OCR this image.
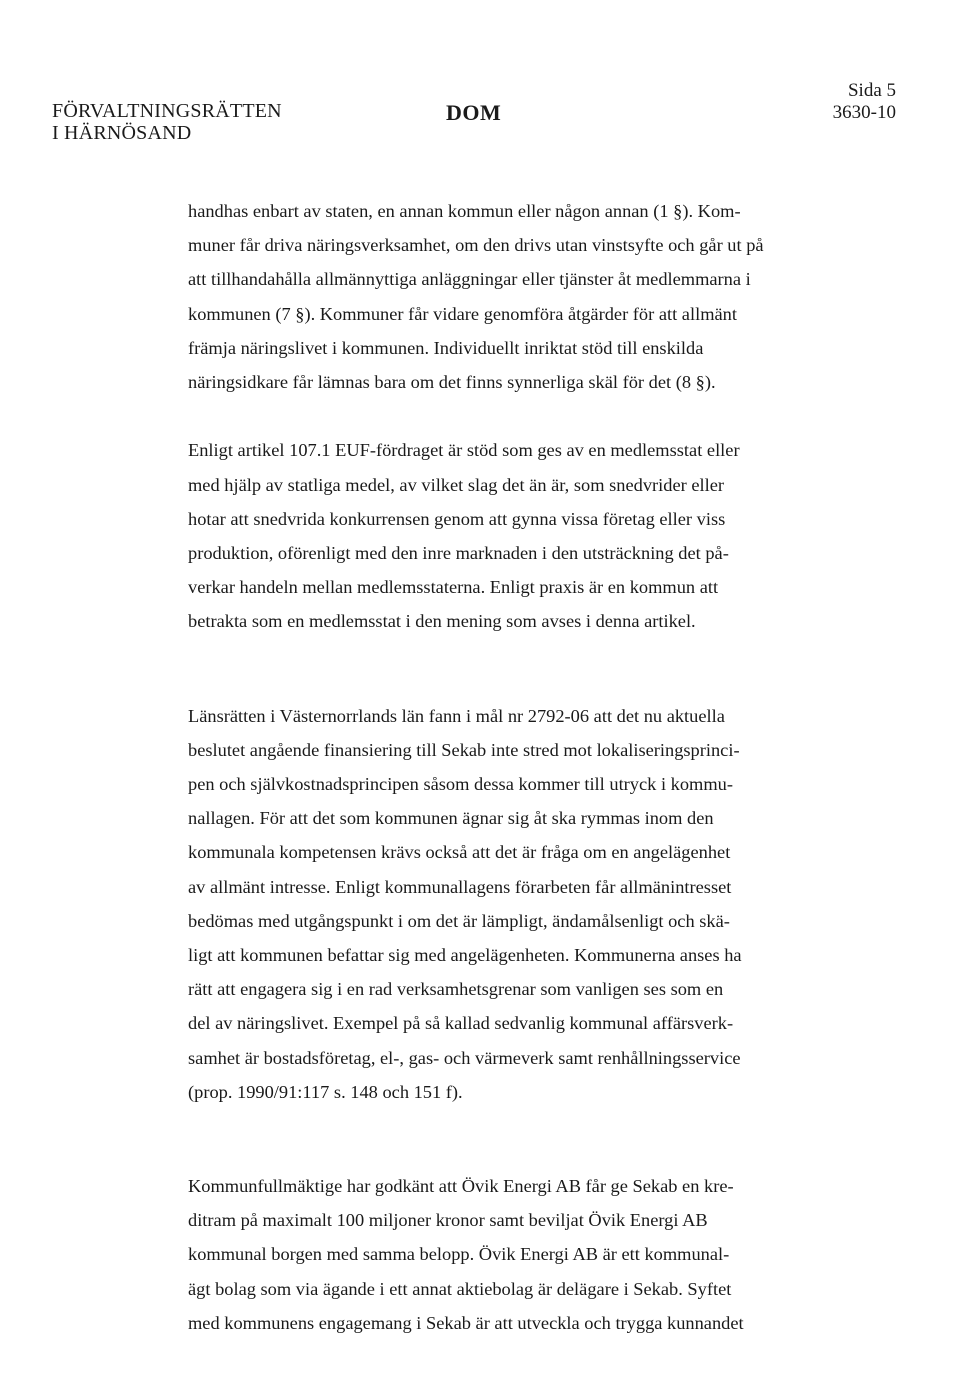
FÖRVALTNINGSRÄTTEN
I HÄRNÖSAND
DOM
Sida 5
3630-10

handhas enbart av staten, en annan kommun eller någon annan (1 §). Kom-
muner får driva näringsverksamhet, om den drivs utan vinstsyfte och går ut på
att tillhandahålla allmännyttiga anläggningar eller tjänster åt medlemmarna i
kommunen (7 §). Kommuner får vidare genomföra åtgärder för att allmänt
främja näringslivet i kommunen. Individuellt inriktat stöd till enskilda
näringsidkare får lämnas bara om det finns synnerliga skäl för det (8 §).

Enligt artikel 107.1 EUF-fördraget är stöd som ges av en medlemsstat eller
med hjälp av statliga medel, av vilket slag det än är, som snedvrider eller
hotar att snedvrida konkurrensen genom att gynna vissa företag eller viss
produktion, oförenligt med den inre marknaden i den utsträckning det på-
verkar handeln mellan medlemsstaterna. Enligt praxis är en kommun att
betrakta som en medlemsstat i den mening som avses i denna artikel.

Länsrätten i Västernorrlands län fann i mål nr 2792-06 att det nu aktuella
beslutet angående finansiering till Sekab inte stred mot lokaliseringsprinci-
pen och självkostnadsprincipen såsom dessa kommer till utryck i kommu-
nallagen. För att det som kommunen ägnar sig åt ska rymmas inom den
kommunala kompetensen krävs också att det är fråga om en angelägenhet
av allmänt intresse. Enligt kommunallagens förarbeten får allmänintresset
bedömas med utgångspunkt i om det är lämpligt, ändamålsenligt och skä-
ligt att kommunen befattar sig med angelägenheten. Kommunerna anses ha
rätt att engagera sig i en rad verksamhetsgrenar som vanligen ses som en
del av näringslivet. Exempel på så kallad sedvanlig kommunal affärsverk-
samhet är bostadsföretag, el-, gas- och värmeverk samt renhållningsservice
(prop. 1990/91:117 s. 148 och 151 f).

Kommunfullmäktige har godkänt att Övik Energi AB får ge Sekab en kre-
ditram på maximalt 100 miljoner kronor samt beviljat Övik Energi AB
kommunal borgen med samma belopp. Övik Energi AB är ett kommunal-
ägt bolag som via ägande i ett annat aktiebolag är delägare i Sekab. Syftet
med kommunens engagemang i Sekab är att utveckla och trygga kunnandet
